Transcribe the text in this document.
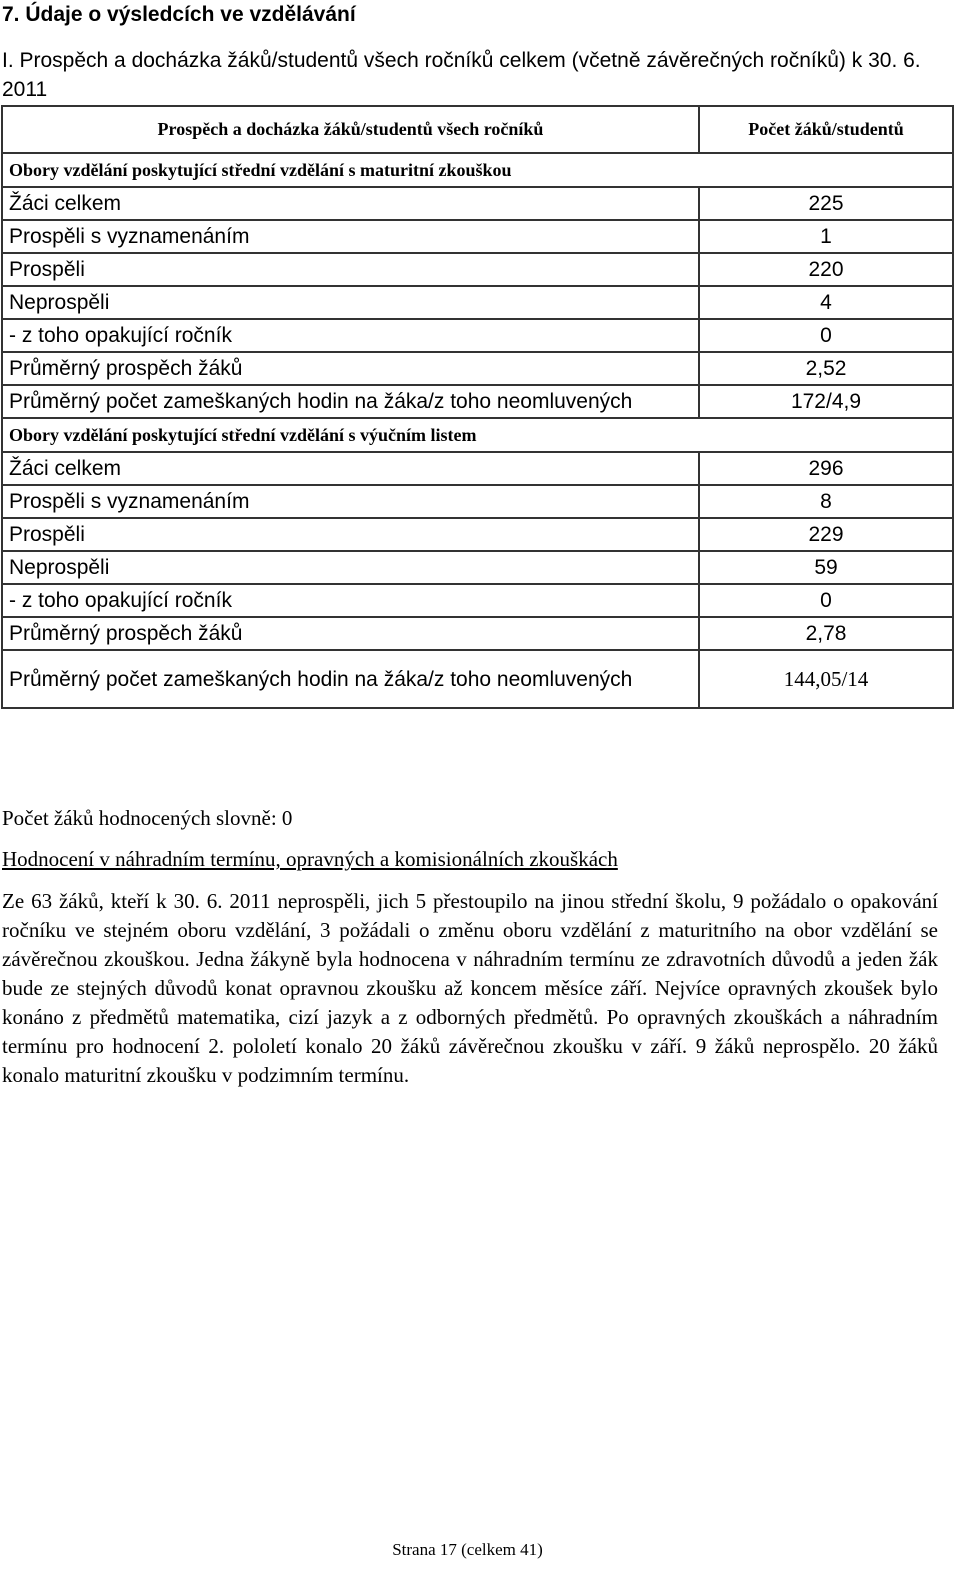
7. Údaje o výsledcích ve vzdělávání
I. Prospěch a docházka žáků/studentů všech ročníků celkem (včetně závěrečných ročníků) k 30. 6. 2011
Prospěch a docházka žáků/studentů všech ročníků	Počet žáků/studentů
Obory vzdělání poskytující střední vzdělání s maturitní zkouškou	
Žáci celkem	225
Prospěli s vyznamenáním	1
Prospěli	220
Neprospěli	4
- z toho opakující ročník	0
Průměrný prospěch žáků	2,52
Průměrný počet zameškaných hodin na žáka/z toho neomluvených	172/4,9
Obory vzdělání poskytující střední vzdělání s výučním listem	
Žáci celkem	296
Prospěli s vyznamenáním	8
Prospěli	229
Neprospěli	59
- z toho opakující ročník	0
Průměrný prospěch žáků	2,78
Průměrný počet zameškaných hodin na žáka/z toho neomluvených	144,05/14
Počet žáků hodnocených slovně: 0
Hodnocení v náhradním termínu, opravných a komisionálních zkouškách
Ze 63 žáků, kteří k 30. 6. 2011 neprospěli, jich 5 přestoupilo na jinou střední školu, 9 požádalo o opakování ročníku ve stejném oboru vzdělání, 3 požádali o změnu oboru vzdělání z maturitního na obor vzdělání se závěrečnou zkouškou. Jedna žákyně byla hodnocena v náhradním termínu ze zdravotních důvodů a jeden žák bude ze stejných důvodů konat opravnou zkoušku až koncem měsíce září. Nejvíce opravných zkoušek bylo konáno z předmětů matematika, cizí jazyk a z odborných předmětů. Po opravných zkouškách a náhradním termínu pro hodnocení 2. pololetí konalo 20 žáků závěrečnou zkoušku v září. 9 žáků neprospělo. 20 žáků konalo maturitní zkoušku v podzimním termínu.
Strana 17 (celkem 41)
